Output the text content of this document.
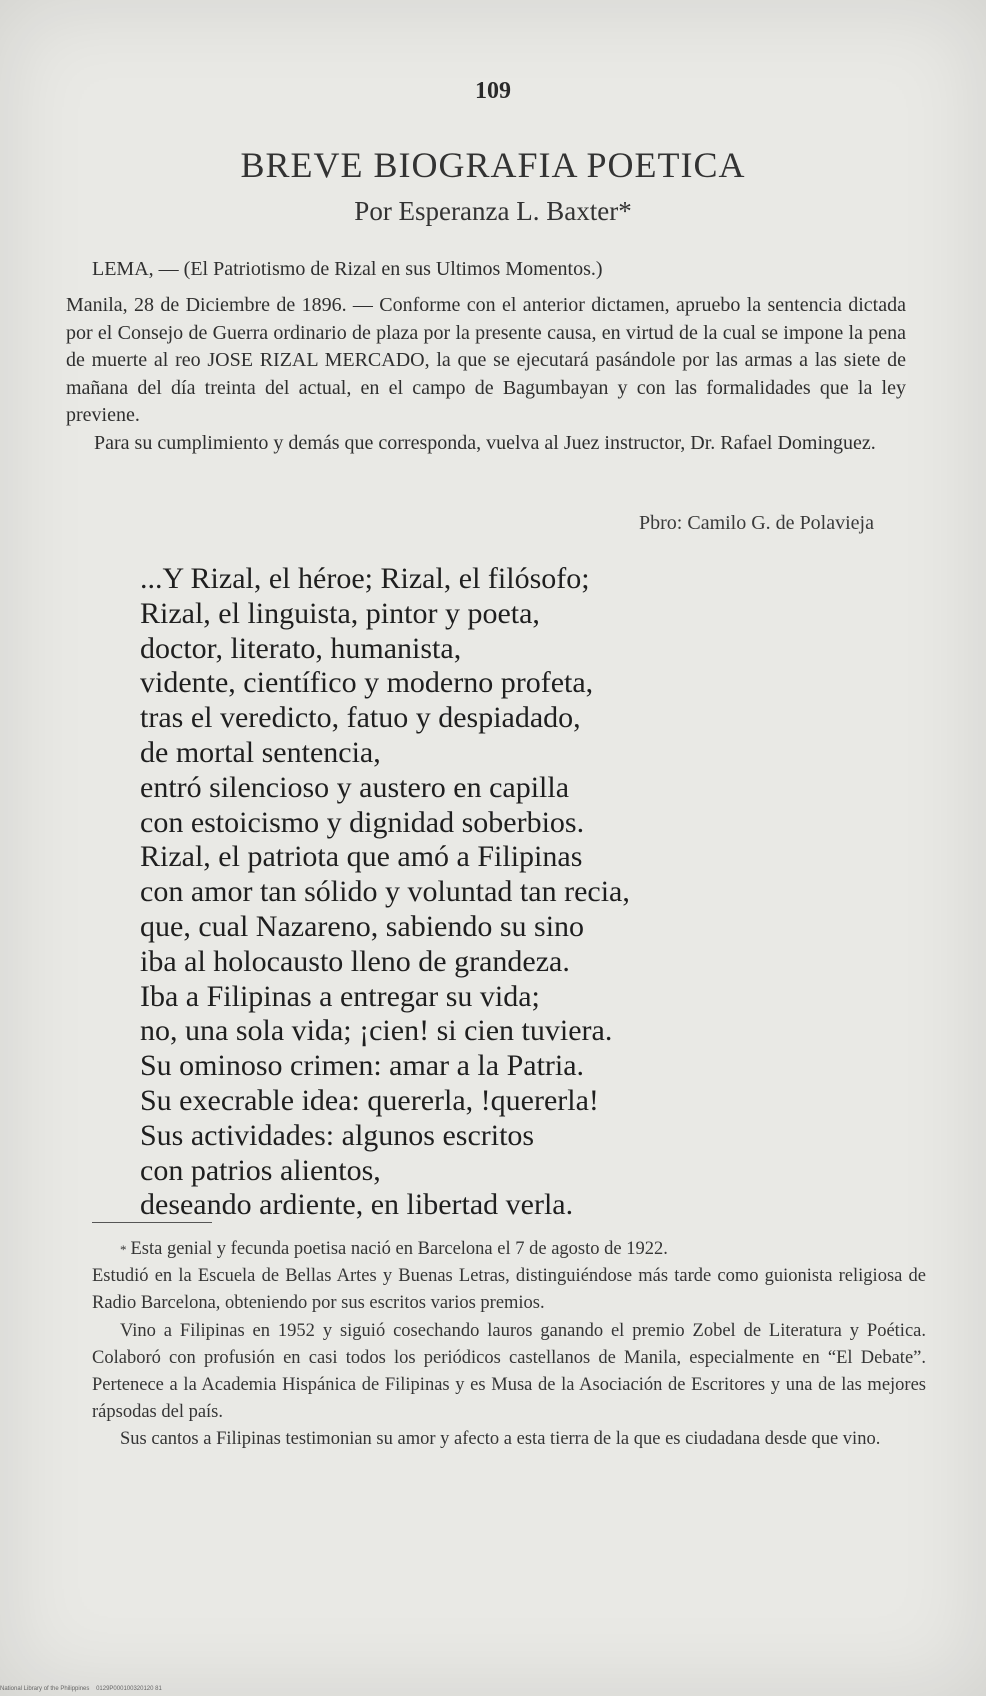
109
BREVE BIOGRAFIA POETICA
Por Esperanza L. Baxter*
LEMA, — (El Patriotismo de Rizal en sus Ultimos Momentos.)

Manila, 28 de Diciembre de 1896. — Conforme con el anterior dictamen, apruebo la sentencia dictada por el Consejo de Guerra ordinario de plaza por la presente causa, en virtud de la cual se impone la pena de muerte al reo JOSE RIZAL MERCADO, la que se ejecutará pasándole por las armas a las siete de mañana del día treinta del actual, en el campo de Bagumbayan y con las formalidades que la ley previene.

Para su cumplimiento y demás que corresponda, vuelva al Juez instructor, Dr. Rafael Dominguez.

Pbro: Camilo G. de Polavieja
...Y Rizal, el héroe; Rizal, el filósofo;
Rizal, el linguista, pintor y poeta,
doctor, literato, humanista,
vidente, científico y moderno profeta,
tras el veredicto, fatuo y despiadado,
de mortal sentencia,
entró silencioso y austero en capilla
con estoicismo y dignidad soberbios.
Rizal, el patriota que amó a Filipinas
con amor tan sólido y voluntad tan recia,
que, cual Nazareno, sabiendo su sino
iba al holocausto lleno de grandeza.
Iba a Filipinas a entregar su vida;
no, una sola vida; ¡cien! si cien tuviera.
Su ominoso crimen: amar a la Patria.
Su execrable idea: quererla, !quererla!
Sus actividades: algunos escritos
con patrios alientos,
deseando ardiente, en libertad verla.

* Esta genial y fecunda poetisa nació en Barcelona el 7 de agosto de 1922.

Estudió en la Escuela de Bellas Artes y Buenas Letras, distinguiéndose más tarde como guionista religiosa de Radio Barcelona, obteniendo por sus escritos varios premios.

Vino a Filipinas en 1952 y siguió cosechando lauros ganando el premio Zobel de Literatura y Poética. Colaboró con profusión en casi todos los periódicos castellanos de Manila, especialmente en “El Debate”. Pertenece a la Academia Hispánica de Filipinas y es Musa de la Asociación de Escritores y una de las mejores rápsodas del país.

Sus cantos a Filipinas testimonian su amor y afecto a esta tierra de la que es ciudadana desde que vino.

National Library of the Philippines 0129P000100320120 81
